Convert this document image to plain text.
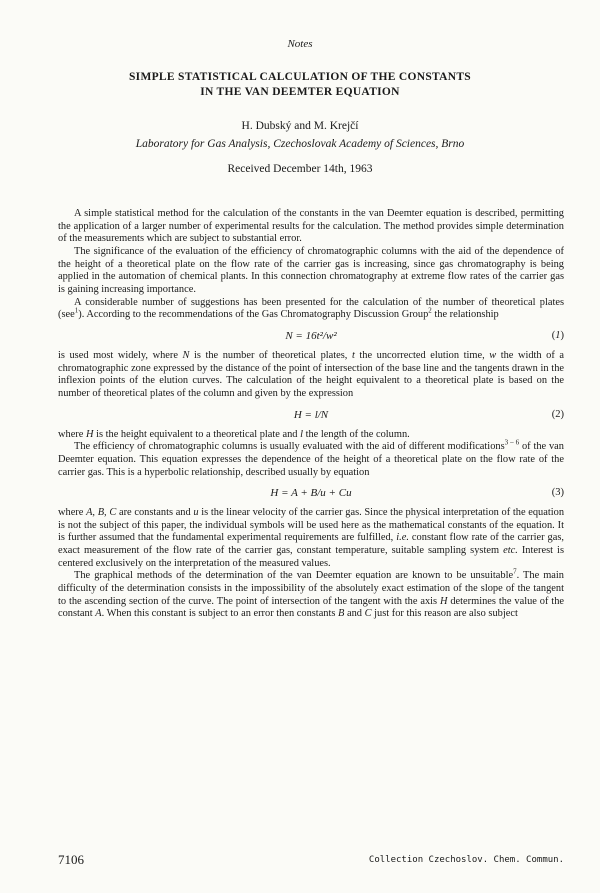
Notes
SIMPLE STATISTICAL CALCULATION OF THE CONSTANTS
IN THE VAN DEEMTER EQUATION
H. Dubský and M. Krejčí
Laboratory for Gas Analysis, Czechoslovak Academy of Sciences, Brno
Received December 14th, 1963

A simple statistical method for the calculation of the constants in the van Deemter equation is described, permitting the application of a larger number of experimental results for the calculation. The method provides simple determination of the measurements which are subject to substantial error.

The significance of the evaluation of the efficiency of chromatographic columns with the aid of the dependence of the height of a theoretical plate on the flow rate of the carrier gas is increasing, since gas chromatography is being applied in the automation of chemical plants. In this connection chromatography at extreme flow rates of the carrier gas is gaining increasing importance.

A considerable number of suggestions has been presented for the calculation of the number of theoretical plates (see$^1$). According to the recommendations of the Gas Chromatography Discussion Group$^2$ the relationship

N = 16t²/w²	(1)

is used most widely, where N is the number of theoretical plates, t the uncorrected elution time, w the width of a chromatographic zone expressed by the distance of the point of intersection of the base line and the tangents drawn in the inflexion points of the elution curves. The calculation of the height equivalent to a theoretical plate is based on the number of theoretical plates of the column and given by the expression

H = l/N	(2)

where H is the height equivalent to a theoretical plate and l the length of the column.

The efficiency of chromatographic columns is usually evaluated with the aid of different modifications$^{3 - 6}$ of the van Deemter equation. This equation expresses the dependence of the height of a theoretical plate on the flow rate of the carrier gas. This is a hyperbolic relationship, described usually by equation

H = A + B/u + Cu	(3)

where A, B, C are constants and u is the linear velocity of the carrier gas. Since the physical interpretation of the equation is not the subject of this paper, the individual symbols will be used here as the mathematical constants of the equation. It is further assumed that the fundamental experimental requirements are fulfilled, i.e. constant flow rate of the carrier gas, exact measurement of the flow rate of the carrier gas, constant temperature, suitable sampling system etc. Interest is centered exclusively on the interpretation of the measured values.

The graphical methods of the determination of the van Deemter equation are known to be unsuitable$^7$. The main difficulty of the determination consists in the impossibility of the absolutely exact estimation of the slope of the tangent to the ascending section of the curve. The point of intersection of the tangent with the axis H determines the value of the constant A. When this constant is subject to an error then constants B and C just for this reason are also subject

7106	Collection Czechoslov. Chem. Commun.
